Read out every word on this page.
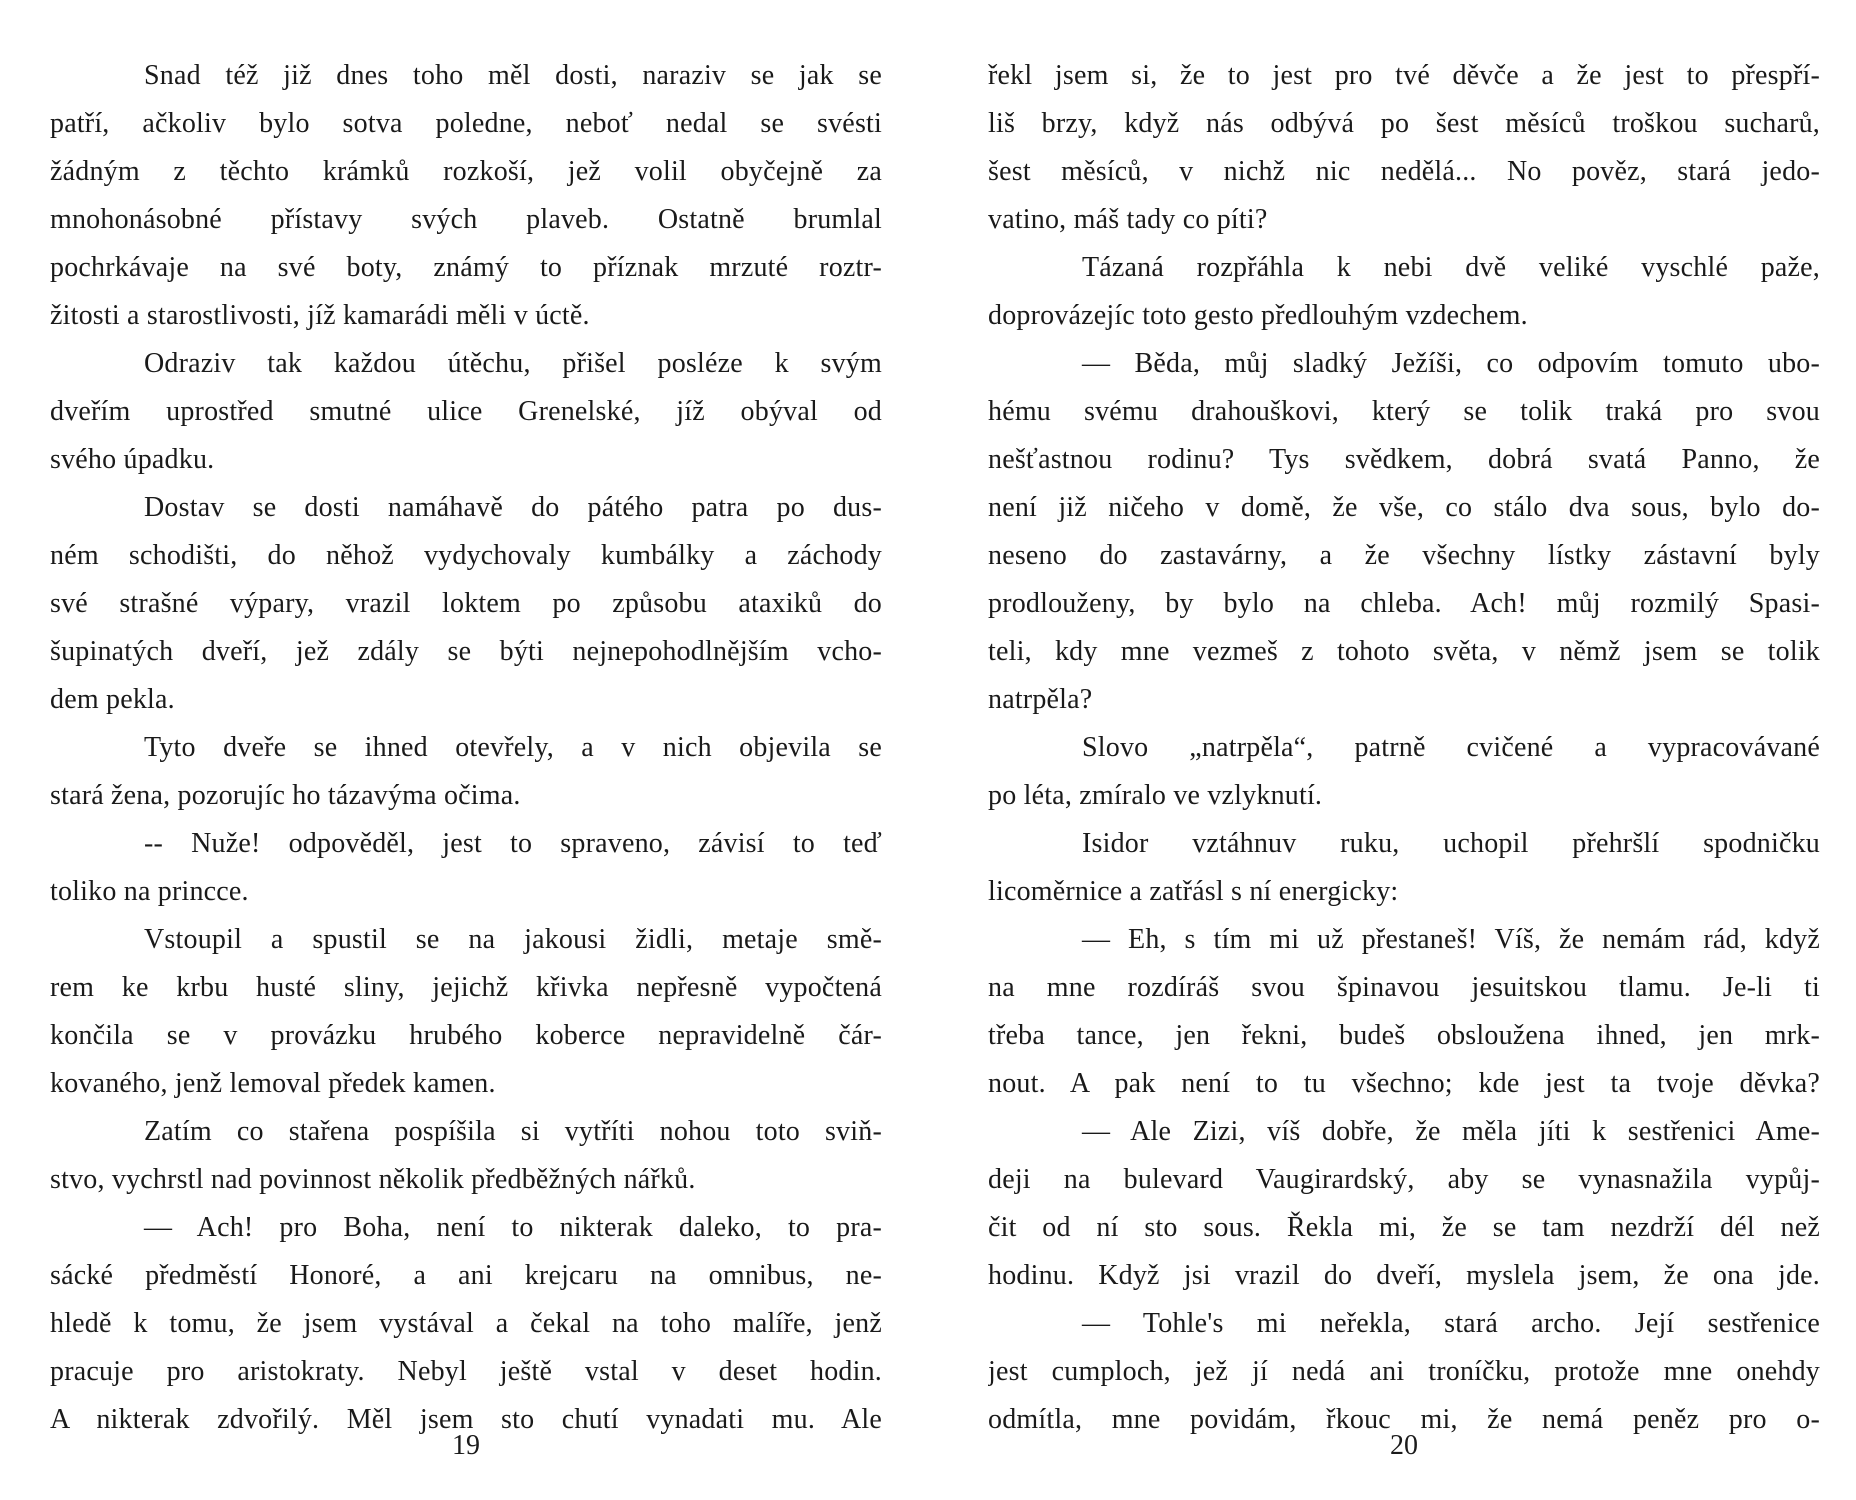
Snad též již dnes toho měl dosti, naraziv se jak se
patří, ačkoliv bylo sotva poledne, neboť nedal se svésti
žádným z těchto krámků rozkoší, jež volil obyčejně za
mnohonásobné přístavy svých plaveb. Ostatně brumlal
pochrkávaje na své boty, známý to příznak mrzuté roztr-
žitosti a starostlivosti, jíž kamarádi měli v úctě.
Odraziv tak každou útěchu, přišel posléze k svým
dveřím uprostřed smutné ulice Grenelské, jíž obýval od
svého úpadku.
Dostav se dosti namáhavě do pátého patra po dus-
ném schodišti, do něhož vydychovaly kumbálky a záchody
své strašné výpary, vrazil loktem po způsobu ataxiků do
šupinatých dveří, jež zdály se býti nejnepohodlnějším vcho-
dem pekla.
Tyto dveře se ihned otevřely, a v nich objevila se
stará žena, pozorujíc ho tázavýma očima.
-- Nuže! odpověděl, jest to spraveno, závisí to teď
toliko na princce.
Vstoupil a spustil se na jakousi židli, metaje smě-
rem ke krbu husté sliny, jejichž křivka nepřesně vypočtená
končila se v provázku hrubého koberce nepravidelně čár-
kovaného, jenž lemoval předek kamen.
Zatím co stařena pospíšila si vytříti nohou toto sviň-
stvo, vychrstl nad povinnost několik předběžných nářků.
— Ach! pro Boha, není to nikterak daleko, to pra-
sácké předměstí Honoré, a ani krejcaru na omnibus, ne-
hledě k tomu, že jsem vystával a čekal na toho malíře, jenž
pracuje pro aristokraty. Nebyl ještě vstal v deset hodin.
A nikterak zdvořilý. Měl jsem sto chutí vynadati mu. Ale
19
řekl jsem si, že to jest pro tvé děvče a že jest to přespří-
liš brzy, když nás odbývá po šest měsíců troškou sucharů,
šest měsíců, v nichž nic nedělá... No pověz, stará jedo-
vatino, máš tady co píti?
Tázaná rozpřáhla k nebi dvě veliké vyschlé paže,
doprovázejíc toto gesto předlouhým vzdechem.
— Běda, můj sladký Ježíši, co odpovím tomuto ubo-
hému svému drahouškovi, který se tolik traká pro svou
nešťastnou rodinu? Tys svědkem, dobrá svatá Panno, že
není již ničeho v domě, že vše, co stálo dva sous, bylo do-
neseno do zastavárny, a že všechny lístky zástavní byly
prodlouženy, by bylo na chleba. Ach! můj rozmilý Spasi-
teli, kdy mne vezmeš z tohoto světa, v němž jsem se tolik
natrpěla?
Slovo „natrpěla“, patrně cvičené a vypracovávané
po léta, zmíralo ve vzlyknutí.
Isidor vztáhnuv ruku, uchopil přehršlí spodničku
licoměrnice a zatřásl s ní energicky:
— Eh, s tím mi už přestaneš! Víš, že nemám rád, když
na mne rozdíráš svou špinavou jesuitskou tlamu. Je-li ti
třeba tance, jen řekni, budeš obsloužena ihned, jen mrk-
nout. A pak není to tu všechno; kde jest ta tvoje děvka?
— Ale Zizi, víš dobře, že měla jíti k sestřenici Ame-
deji na bulevard Vaugirardský, aby se vynasnažila vypůj-
čit od ní sto sous. Řekla mi, že se tam nezdrží dél než
hodinu. Když jsi vrazil do dveří, myslela jsem, že ona jde.
— Tohle's mi neřekla, stará archo. Její sestřenice
jest cumploch, jež jí nedá ani troníčku, protože mne onehdy
odmítla, mne povidám, řkouc mi, že nemá peněz pro o-
20
